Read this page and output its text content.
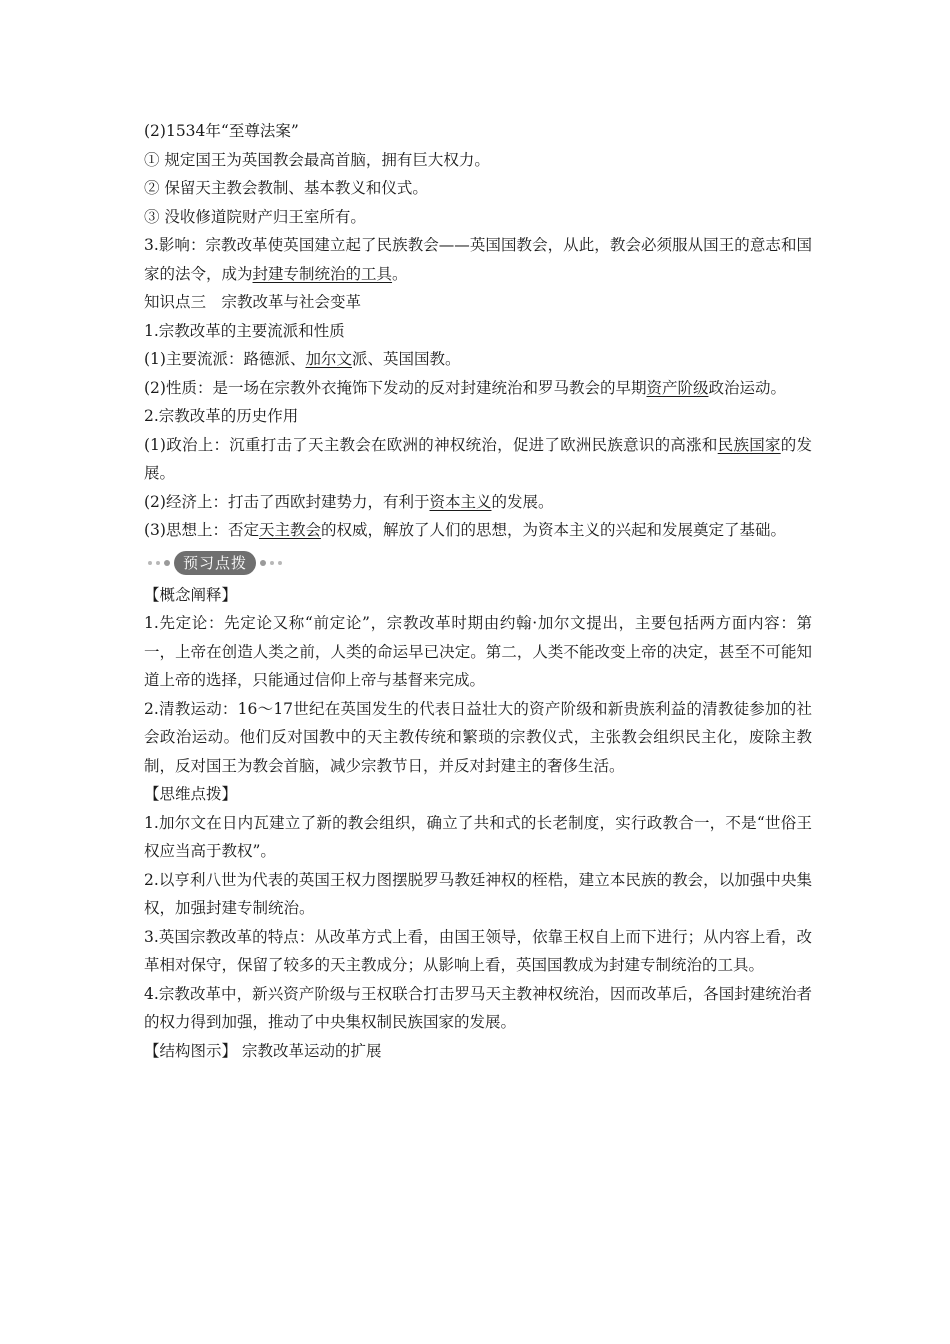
(2)1534年“至尊法案”
① 规定国王为英国教会最高首脑，拥有巨大权力。
② 保留天主教会教制、基本教义和仪式。
③ 没收修道院财产归王室所有。
3.影响：宗教改革使英国建立起了民族教会——英国国教会，从此，教会必须服从国王的意志和国家的法令，成为封建专制统治的工具。
知识点三　宗教改革与社会变革
1.宗教改革的主要流派和性质
(1)主要流派：路德派、加尔文派、英国国教。
(2)性质：是一场在宗教外衣掩饰下发动的反对封建统治和罗马教会的早期资产阶级政治运动。
2.宗教改革的历史作用
(1)政治上：沉重打击了天主教会在欧洲的神权统治，促进了欧洲民族意识的高涨和民族国家的发展。
(2)经济上：打击了西欧封建势力，有利于资本主义的发展。
(3)思想上：否定天主教会的权威，解放了人们的思想，为资本主义的兴起和发展奠定了基础。
预习点拨
【概念阐释】
1.先定论：先定论又称“前定论”，宗教改革时期由约翰·加尔文提出，主要包括两方面内容：第一，上帝在创造人类之前，人类的命运早已决定。第二，人类不能改变上帝的决定，甚至不可能知道上帝的选择，只能通过信仰上帝与基督来完成。
2.清教运动：16～17世纪在英国发生的代表日益壮大的资产阶级和新贵族利益的清教徒参加的社会政治运动。他们反对国教中的天主教传统和繁琐的宗教仪式，主张教会组织民主化，废除主教制，反对国王为教会首脑，减少宗教节日，并反对封建主的奢侈生活。
【思维点拨】
1.加尔文在日内瓦建立了新的教会组织，确立了共和式的长老制度，实行政教合一，不是“世俗王权应当高于教权”。
2.以亨利八世为代表的英国王权力图摆脱罗马教廷神权的桎梏，建立本民族的教会，以加强中央集权，加强封建专制统治。
3.英国宗教改革的特点：从改革方式上看，由国王领导，依靠王权自上而下进行；从内容上看，改革相对保守，保留了较多的天主教成分；从影响上看，英国国教成为封建专制统治的工具。
4.宗教改革中，新兴资产阶级与王权联合打击罗马天主教神权统治，因而改革后，各国封建统治者的权力得到加强，推动了中央集权制民族国家的发展。
【结构图示】 宗教改革运动的扩展
